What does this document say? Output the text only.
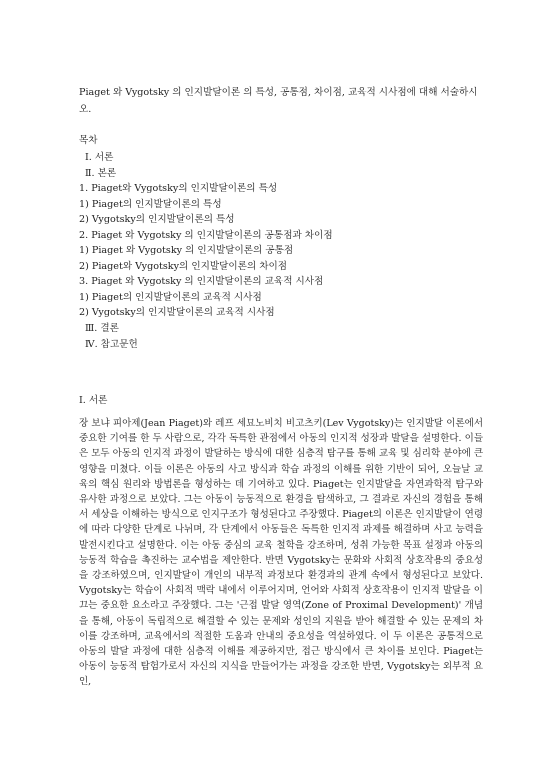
Piaget 와 Vygotsky 의 인지발달이론 의 특성, 공통점, 차이점, 교육적 시사점에 대해 서술하시오.

목차

Ⅰ. 서론
Ⅱ. 본론
1. Piaget와 Vygotsky의 인지발달이론의 특성
1) Piaget의 인지발달이론의 특성
2) Vygotsky의 인지발달이론의 특성
2. Piaget 와 Vygotsky 의 인지발달이론의 공통점과 차이점
1) Piaget 와 Vygotsky 의 인지발달이론의 공통점
2) Piaget와 Vygotsky의 인지발달이론의 차이점
3. Piaget 와 Vygotsky 의 인지발달이론의 교육적 시사점
1) Piaget의 인지발달이론의 교육적 시사점
2) Vygotsky의 인지발달이론의 교육적 시사점
Ⅲ. 결론
Ⅳ. 참고문헌

Ⅰ. 서론

장 보냐 피아제(Jean Piaget)와 레프 세묘노비치 비고츠키(Lev Vygotsky)는 인지발달 이론에서 중요한 기여를 한 두 사람으로, 각각 독특한 관점에서 아동의 인지적 성장과 발달을 설명한다. 이들은 모두 아동의 인지적 과정이 발달하는 방식에 대한 심층적 탐구를 통해 교육 및 심리학 분야에 큰 영향을 미쳤다. 이들 이론은 아동의 사고 방식과 학습 과정의 이해를 위한 기반이 되어, 오늘날 교육의 핵심 원리와 방법론을 형성하는 데 기여하고 있다. Piaget는 인지발달을 자연과학적 탐구와 유사한 과정으로 보았다. 그는 아동이 능동적으로 환경을 탐색하고, 그 결과로 자신의 경험을 통해서 세상을 이해하는 방식으로 인지구조가 형성된다고 주장했다. Piaget의 이론은 인지발달이 연령에 따라 다양한 단계로 나뉘며, 각 단계에서 아동들은 독특한 인지적 과제를 해결하며 사고 능력을 발전시킨다고 설명한다. 이는 아동 중심의 교육 철학을 강조하며, 성취 가능한 목표 설정과 아동의 능동적 학습을 촉진하는 교수법을 제안한다. 반면 Vygotsky는 문화와 사회적 상호작용의 중요성을 강조하였으며, 인지발달이 개인의 내부적 과정보다 환경과의 관계 속에서 형성된다고 보았다. Vygotsky는 학습이 사회적 맥락 내에서 이루어지며, 언어와 사회적 상호작용이 인지적 발달을 이끄는 중요한 요소라고 주장했다. 그는 '근접 발달 영역(Zone of Proximal Development)' 개념을 통해, 아동이 독립적으로 해결할 수 있는 문제와 성인의 지원을 받아 해결할 수 있는 문제의 차이를 강조하며, 교육에서의 적절한 도움과 안내의 중요성을 역설하였다. 이 두 이론은 공통적으로 아동의 발달 과정에 대한 심층적 이해를 제공하지만, 접근 방식에서 큰 차이를 보인다. Piaget는 아동이 능동적 탐험가로서 자신의 지식을 만들어가는 과정을 강조한 반면, Vygotsky는 외부적 요인,
